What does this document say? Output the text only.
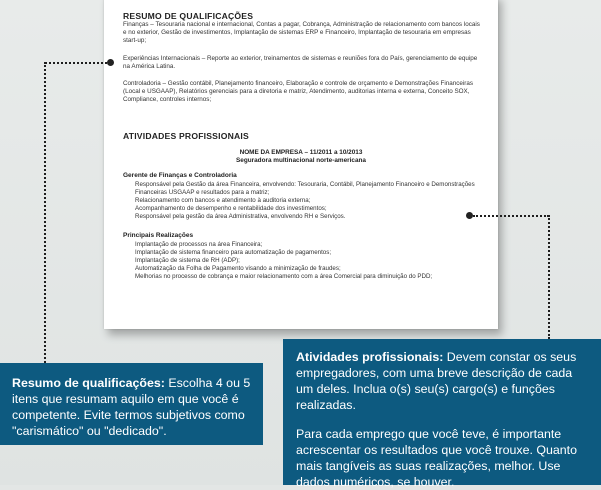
RESUMO DE QUALIFICAÇÕES
Finanças – Tesouraria nacional e internacional, Contas a pagar, Cobrança, Administração de relacionamento com bancos locais e no exterior, Gestão de investimentos, Implantação de sistemas ERP e Financeiro, Implantação de tesouraria em empresas start-up;
Experiências Internacionais – Reporte ao exterior, treinamentos de sistemas e reuniões fora do País, gerenciamento de equipe na América Latina.
Controladoria – Gestão contábil, Planejamento financeiro, Elaboração e controle de orçamento e Demonstrações Financeiras (Local e USGAAP), Relatórios gerenciais para a diretoria e matriz, Atendimento, auditorias interna e externa, Conceito SOX, Compliance, controles internos;
ATIVIDADES PROFISSIONAIS
NOME DA EMPRESA – 11/2011 a 10/2013
Seguradora multinacional norte-americana
Gerente de Finanças e Controladoria
Responsável pela Gestão da área Financeira, envolvendo: Tesouraria, Contábil, Planejamento Financeiro e Demonstrações Financeiras USGAAP e resultados para a matriz;
Relacionamento com bancos e atendimento à auditoria externa;
Acompanhamento de desempenho e rentabilidade dos investimentos;
Responsável pela gestão da área Administrativa, envolvendo RH e Serviços.
Principais Realizações
Implantação de processos na área Financeira;
Implantação de sistema financeiro para automatização de pagamentos;
Implantação de sistema de RH (ADP);
Automatização da Folha de Pagamento visando a minimização de fraudes;
Melhorias no processo de cobrança e maior relacionamento com a área Comercial para diminuição do PDD;

Resumo de qualificações: Escolha 4 ou 5 itens que resumam aquilo em que você é competente. Evite termos subjetivos como "carismático" ou "dedicado".

Atividades profissionais: Devem constar os seus empregadores, com uma breve descrição de cada um deles. Inclua o(s) seu(s) cargo(s) e funções realizadas.

Para cada emprego que você teve, é importante acrescentar os resultados que você trouxe. Quanto mais tangíveis as suas realizações, melhor. Use dados numéricos, se houver.
